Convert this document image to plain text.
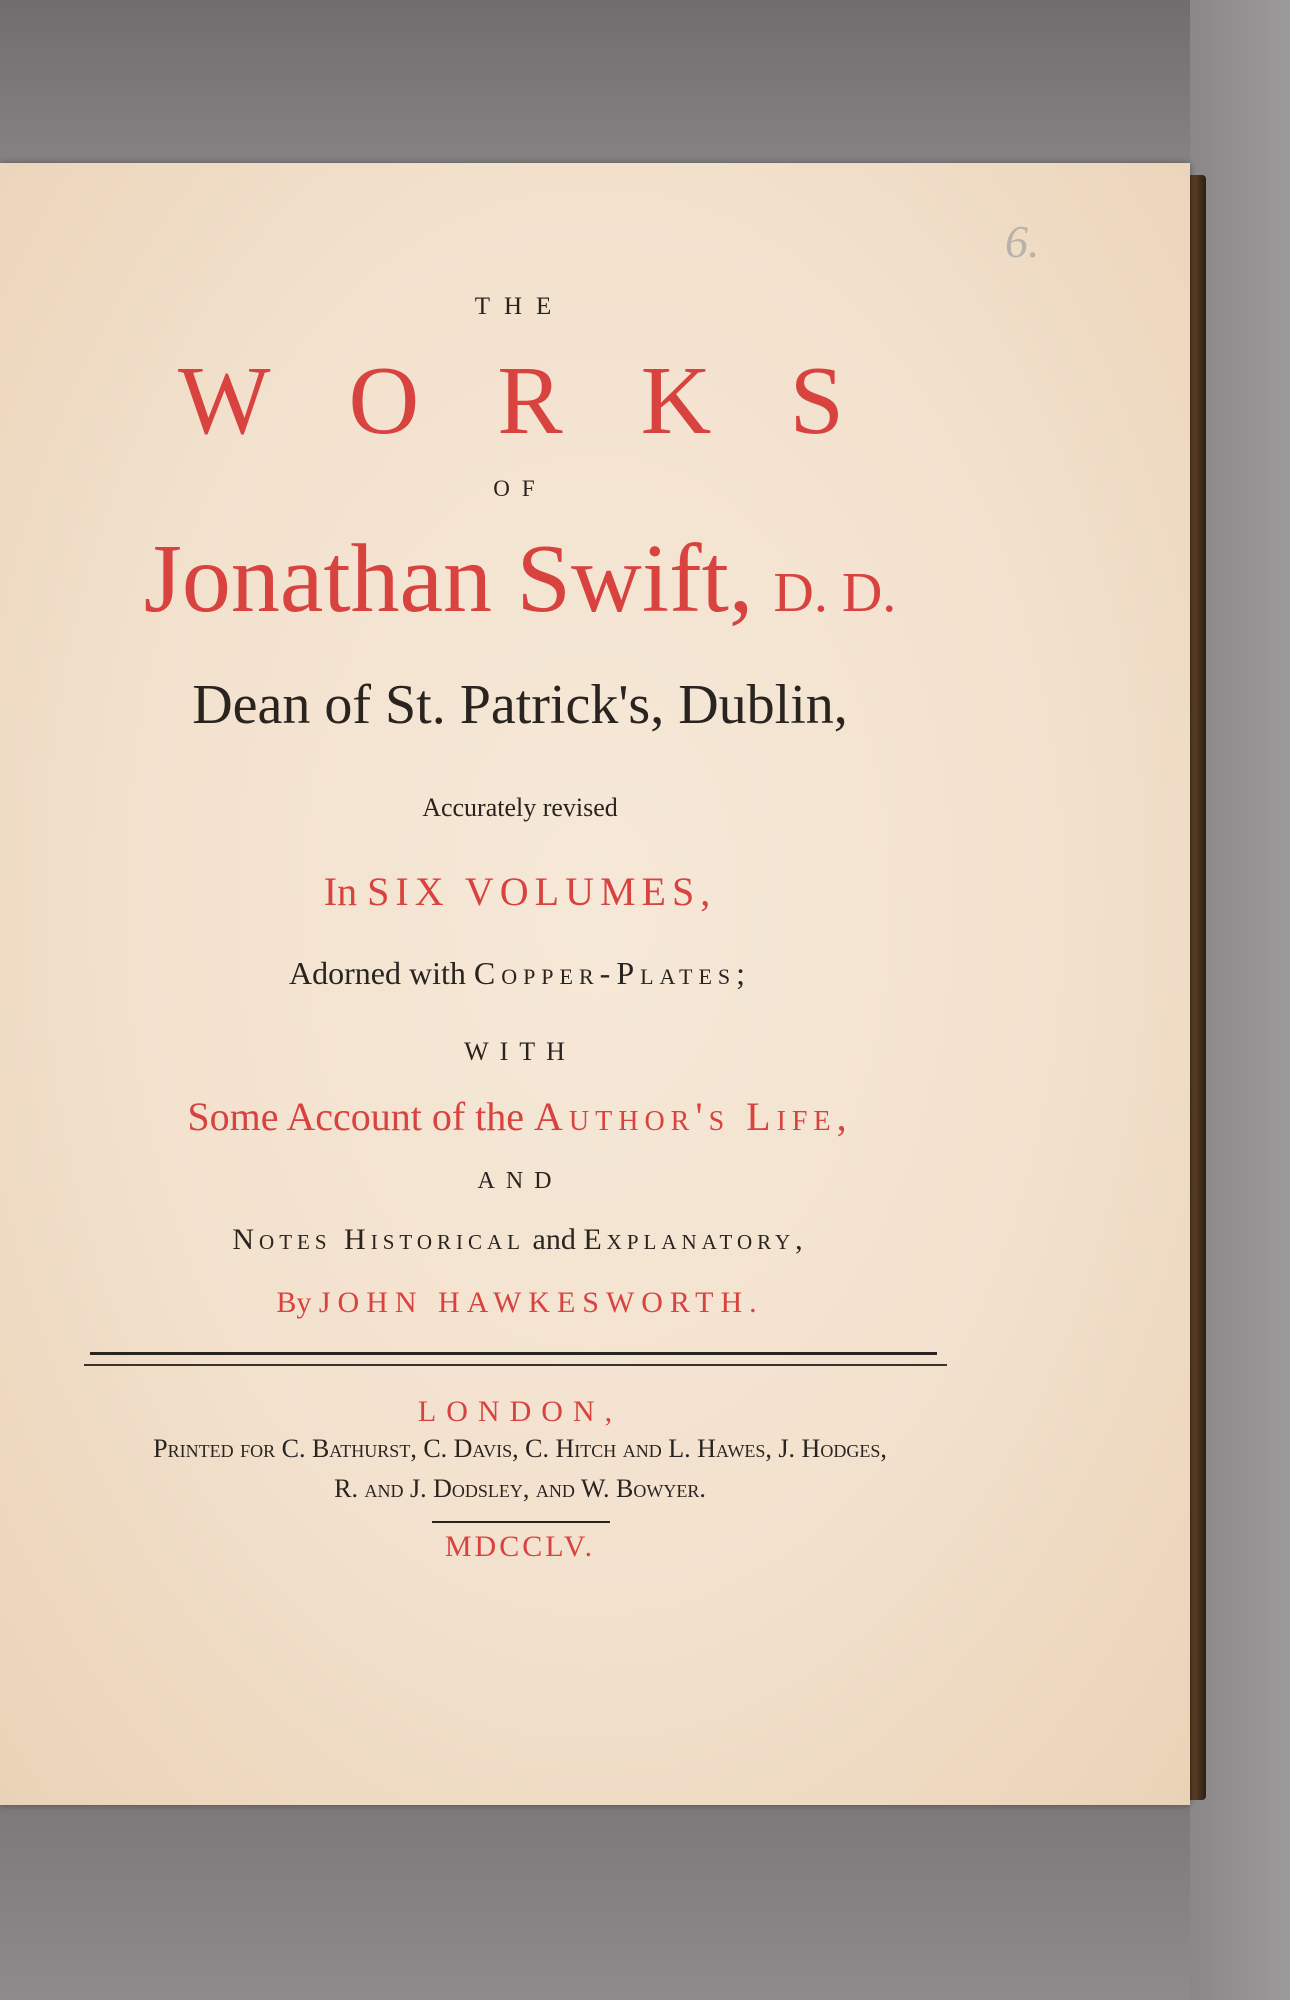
6.
THE
WORKS
OF
Jonathan Swift, D. D.
Dean of St. Patrick's, Dublin,
Accurately revised
In SIX VOLUMES,
Adorned with Copper-Plates;
WITH
Some Account of the Author's Life,
AND
Notes Historical and Explanatory,
By JOHN HAWKESWORTH.
LONDON,
Printed for C. Bathurst, C. Davis, C. Hitch and L. Hawes, J. Hodges,
R. and J. Dodsley, and W. Bowyer.
MDCCLV.
